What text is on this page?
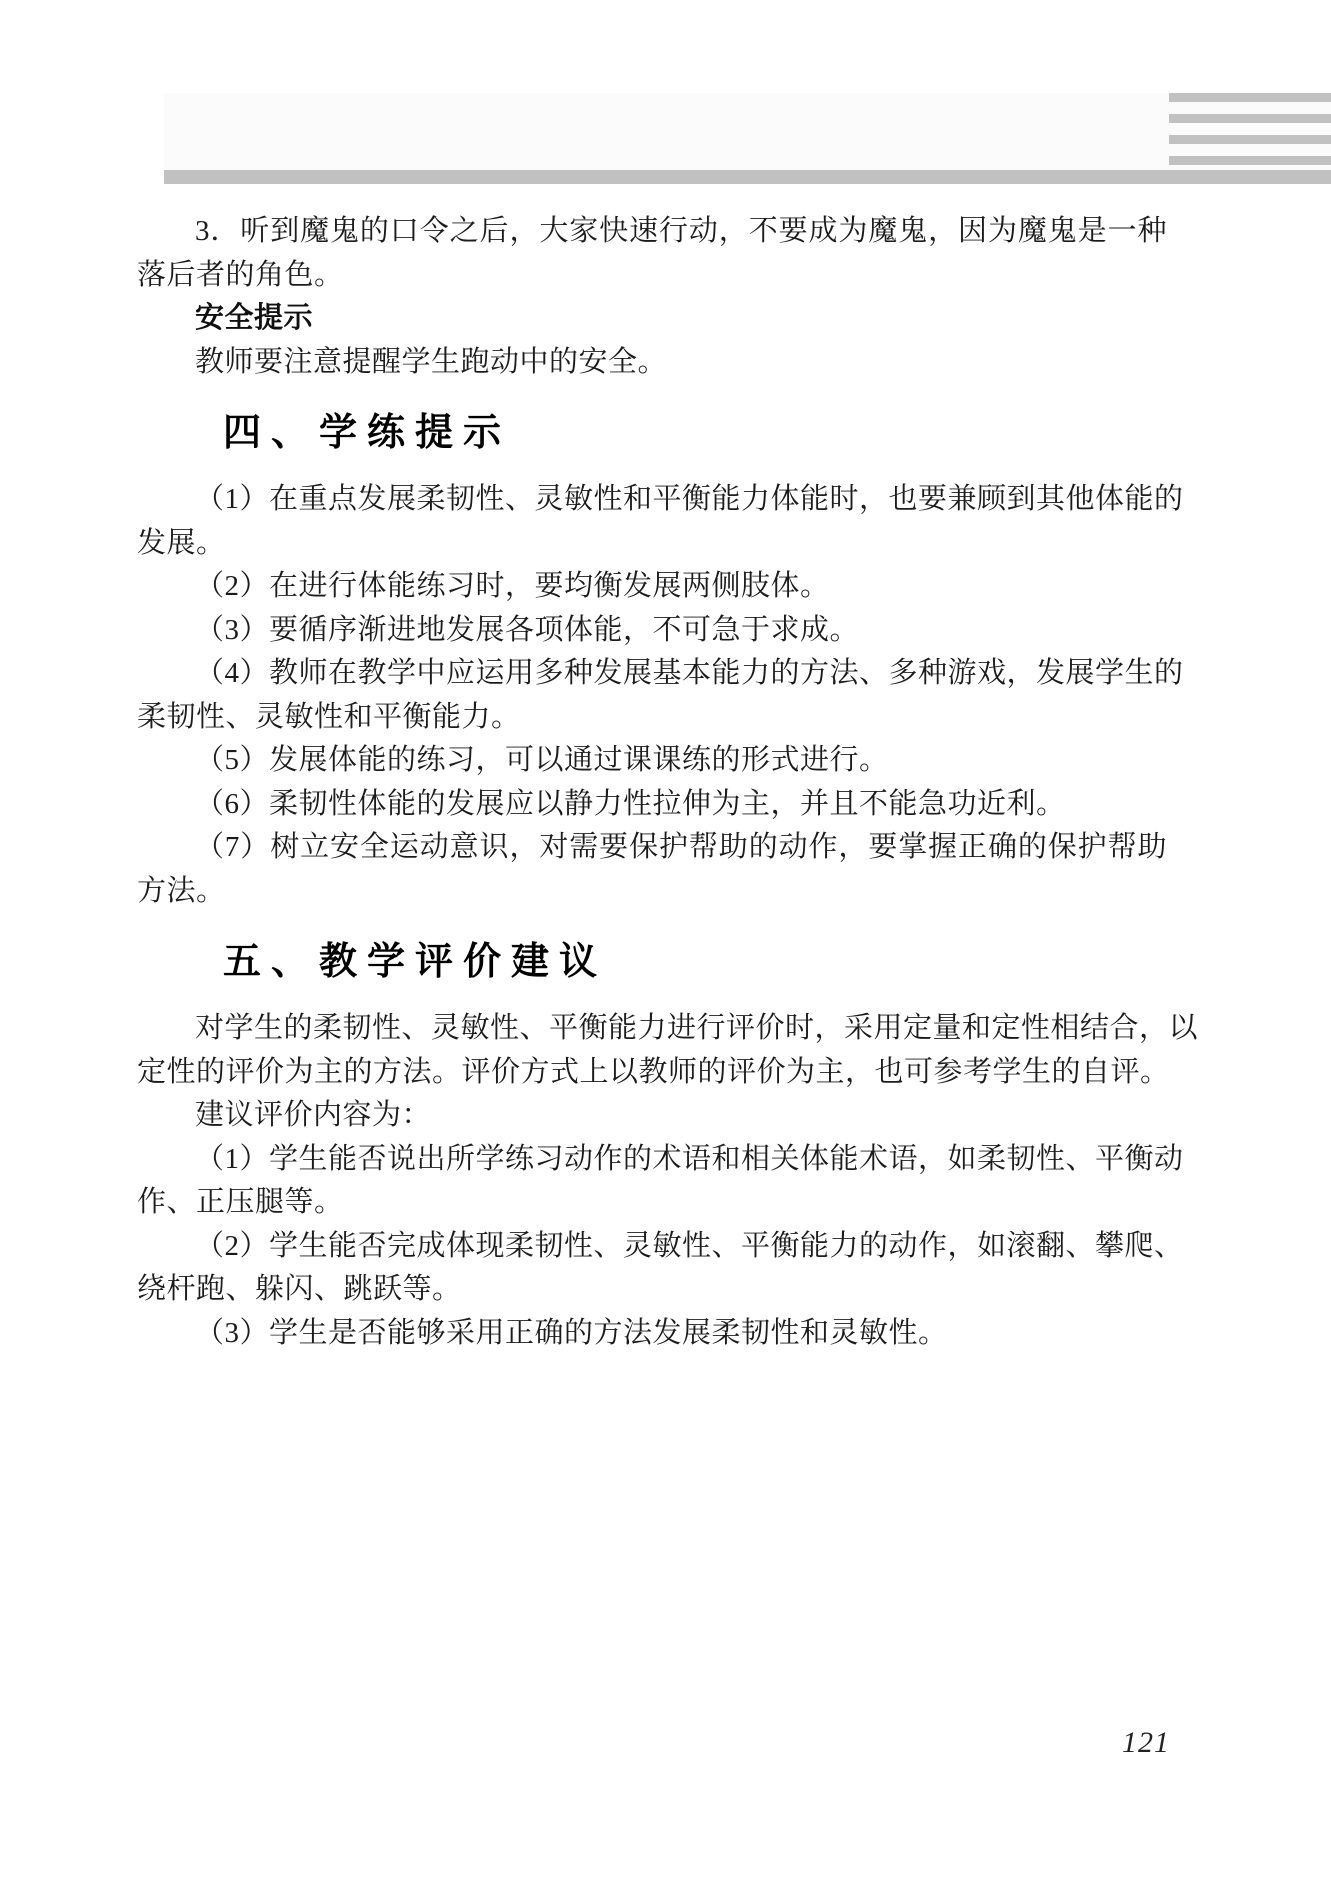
3．听到魔鬼的口令之后，大家快速行动，不要成为魔鬼，因为魔鬼是一种
落后者的角色。
安全提示
教师要注意提醒学生跑动中的安全。
四、学练提示
（1）在重点发展柔韧性、灵敏性和平衡能力体能时，也要兼顾到其他体能的
发展。
（2）在进行体能练习时，要均衡发展两侧肢体。
（3）要循序渐进地发展各项体能，不可急于求成。
（4）教师在教学中应运用多种发展基本能力的方法、多种游戏，发展学生的
柔韧性、灵敏性和平衡能力。
（5）发展体能的练习，可以通过课课练的形式进行。
（6）柔韧性体能的发展应以静力性拉伸为主，并且不能急功近利。
（7）树立安全运动意识，对需要保护帮助的动作，要掌握正确的保护帮助
方法。
五、教学评价建议
对学生的柔韧性、灵敏性、平衡能力进行评价时，采用定量和定性相结合，以
定性的评价为主的方法。评价方式上以教师的评价为主，也可参考学生的自评。
建议评价内容为：
（1）学生能否说出所学练习动作的术语和相关体能术语，如柔韧性、平衡动
作、正压腿等。
（2）学生能否完成体现柔韧性、灵敏性、平衡能力的动作，如滚翻、攀爬、
绕杆跑、躲闪、跳跃等。
（3）学生是否能够采用正确的方法发展柔韧性和灵敏性。
121
